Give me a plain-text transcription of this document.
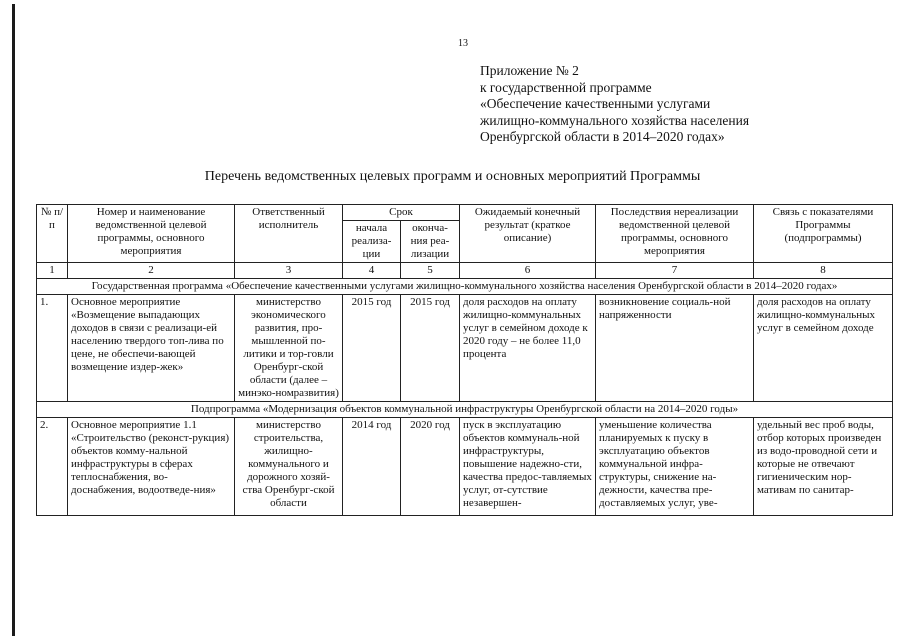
13
Приложение № 2
к государственной программе
«Обеспечение качественными услугами
жилищно-коммунального хозяйства населения
Оренбургской области в 2014–2020 годах»
Перечень ведомственных целевых программ и основных мероприятий Программы
№ п/п	Номер и наименование ведомственной целевой программы, основного мероприятия	Ответственный исполнитель	Срок		Ожидаемый конечный результат (краткое описание)	Последствия нереализации ведомственной целевой программы, основного мероприятия	Связь с показателями Программы (подпрограммы)
			начала реализа-ции	оконча-ния реа-лизации			
1	2	3	4	5	6	7	8
Государственная программа «Обеспечение качественными услугами жилищно-коммунального хозяйства населения Оренбургской области в 2014–2020 годах»							
1.	Основное мероприятие «Возмещение выпадающих доходов в связи с реализаци-ей населению твердого топ-лива по цене, не обеспечи-вающей возмещение издер-жек»	министерство экономического развития, про-мышленной по-литики и тор-говли Оренбург-ской области (далее – минэко-номразвития)	2015 год	2015 год	доля расходов на оплату жилищно-коммунальных услуг в семейном доходе к 2020 году – не более 11,0 процента	возникновение социаль-ной напряженности	доля расходов на оплату жилищно-коммунальных услуг в семейном доходе
Подпрограмма «Модернизация объектов коммунальной инфраструктуры Оренбургской области на 2014–2020 годы»							

2.	Основное мероприятие 1.1 «Строительство (реконст-рукция) объектов комму-нальной инфраструктуры в сферах теплоснабжения, во-доснабжения, водоотведе-ния»	министерство строительства, жилищно-коммунального и дорожного хозяй-ства Оренбург-ской области	2014 год	2020 год	пуск в эксплуатацию объектов коммуналь-ной инфраструктуры, повышение надежно-сти, качества предос-тавляемых услуг, от-сутствие незавершен-	уменьшение количества планируемых к пуску в эксплуатацию объектов коммунальной инфра-структуры, снижение на-дежности, качества пре-доставляемых услуг, уве-	удельный вес проб воды, отбор которых произведен из водо-проводной сети и которые не отвечают гигиеническим нор-мативам по санитар-
